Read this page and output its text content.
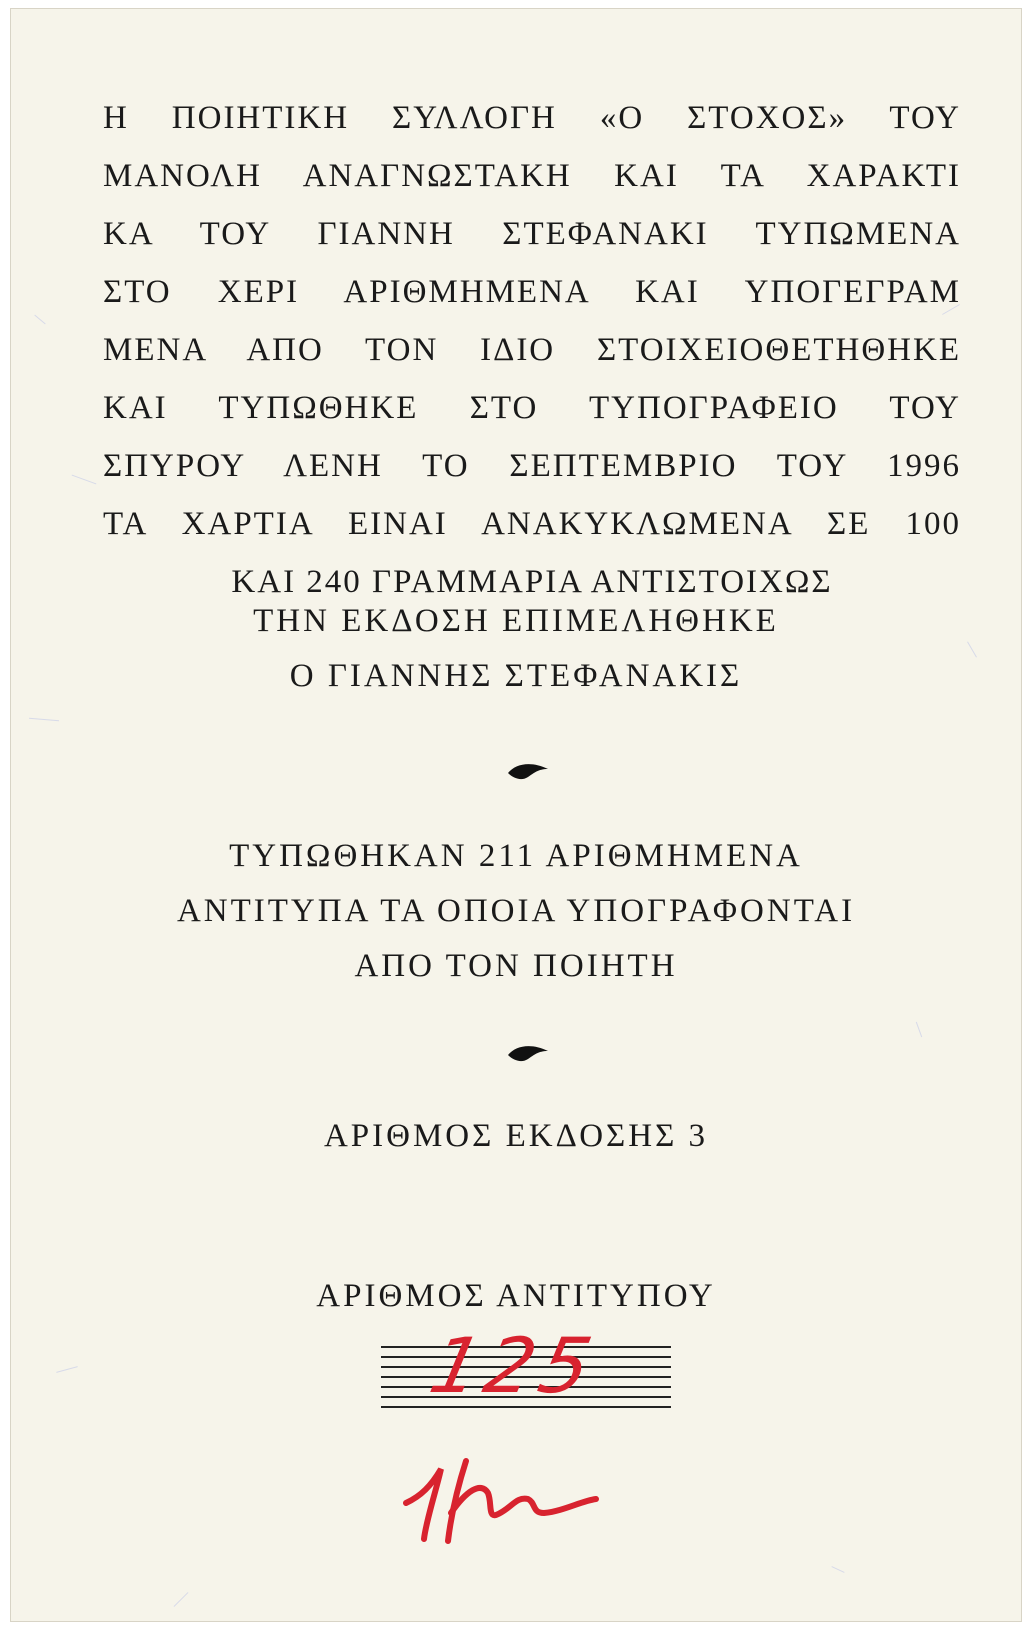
Η ΠΟΙΗΤΙΚΗ ΣΥΛΛΟΓΗ «Ο ΣΤΟΧΟΣ» ΤΟΥ
ΜΑΝΟΛΗ ΑΝΑΓΝΩΣΤΑΚΗ ΚΑΙ ΤΑ ΧΑΡΑΚΤΙ
ΚΑ ΤΟΥ ΓΙΑΝΝΗ ΣΤΕΦΑΝΑΚΙ ΤΥΠΩΜΕΝΑ
ΣΤΟ ΧΕΡΙ ΑΡΙΘΜΗΜΕΝΑ ΚΑΙ ΥΠΟΓΕΓΡΑΜ
ΜΕΝΑ ΑΠΟ ΤΟΝ ΙΔΙΟ ΣΤΟΙΧΕΙΟΘΕΤΗΘΗΚΕ
ΚΑΙ ΤΥΠΩΘΗΚΕ ΣΤΟ ΤΥΠΟΓΡΑΦΕΙΟ ΤΟΥ
ΣΠΥΡΟΥ ΛΕΝΗ ΤΟ ΣΕΠΤΕΜΒΡΙΟ ΤΟΥ 1996
ΤΑ ΧΑΡΤΙΑ ΕΙΝΑΙ ΑΝΑΚΥΚΛΩΜΕΝΑ ΣΕ 100
ΚΑΙ 240 ΓΡΑΜΜΑΡΙΑ ΑΝΤΙΣΤΟΙΧΩΣ
ΤΗΝ ΕΚΔΟΣΗ ΕΠΙΜΕΛΗΘΗΚΕ
Ο ΓΙΑΝΝΗΣ ΣΤΕΦΑΝΑΚΙΣ
ΤΥΠΩΘΗΚΑΝ 211 ΑΡΙΘΜΗΜΕΝΑ
ΑΝΤΙΤΥΠΑ ΤΑ ΟΠΟΙΑ ΥΠΟΓΡΑΦΟΝΤΑΙ
ΑΠΟ ΤΟΝ ΠΟΙΗΤΗ
ΑΡΙΘΜΟΣ ΕΚΔΟΣΗΣ 3
ΑΡΙΘΜΟΣ ΑΝΤΙΤΥΠΟΥ
125
